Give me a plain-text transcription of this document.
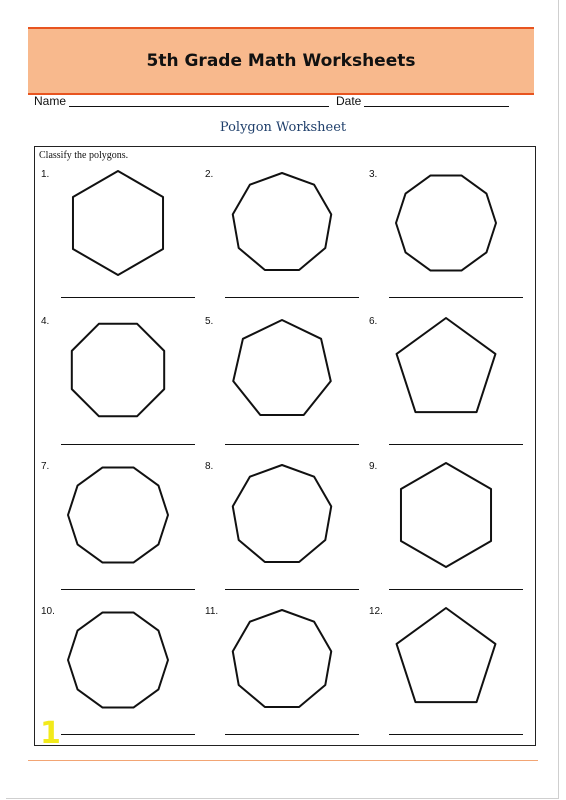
5th Grade Math Worksheets
Name	Date
Polygon Worksheet
Classify the polygons.
1.	2.	3.
4.	5.	6.
7.	8.	9.
10.	11.	12.
1
